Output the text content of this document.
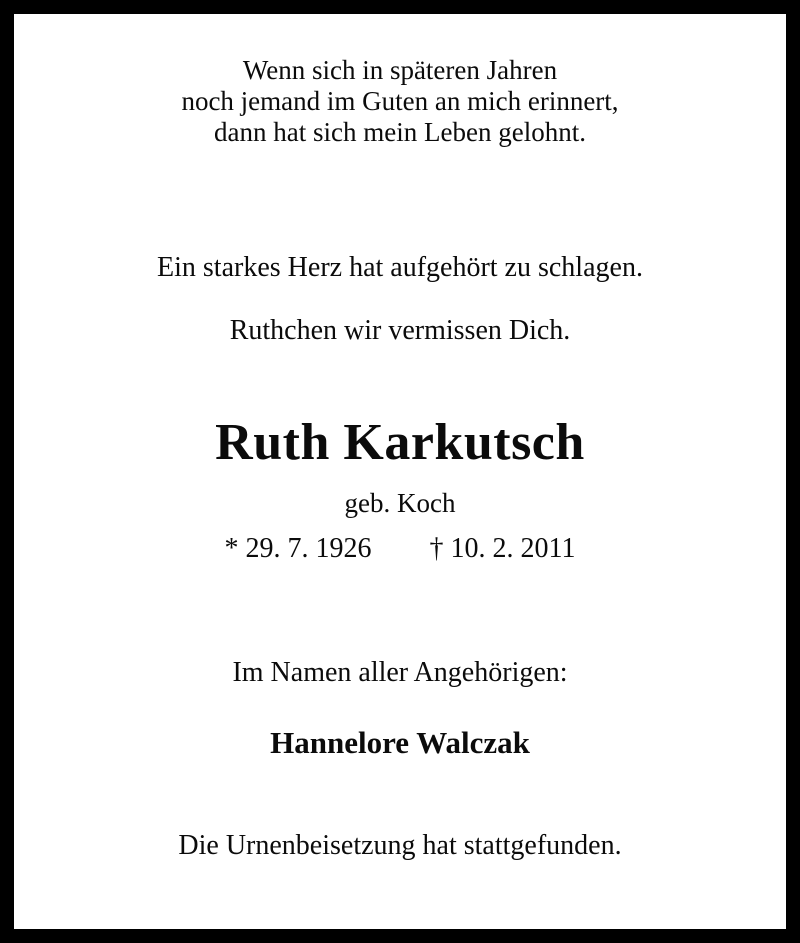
Wenn sich in späteren Jahren
noch jemand im Guten an mich erinnert,
dann hat sich mein Leben gelohnt.
Ein starkes Herz hat aufgehört zu schlagen.
Ruthchen wir vermissen Dich.
Ruth Karkutsch
geb. Koch
* 29. 7. 1926 † 10. 2. 2011
Im Namen aller Angehörigen:
Hannelore Walczak
Die Urnenbeisetzung hat stattgefunden.
